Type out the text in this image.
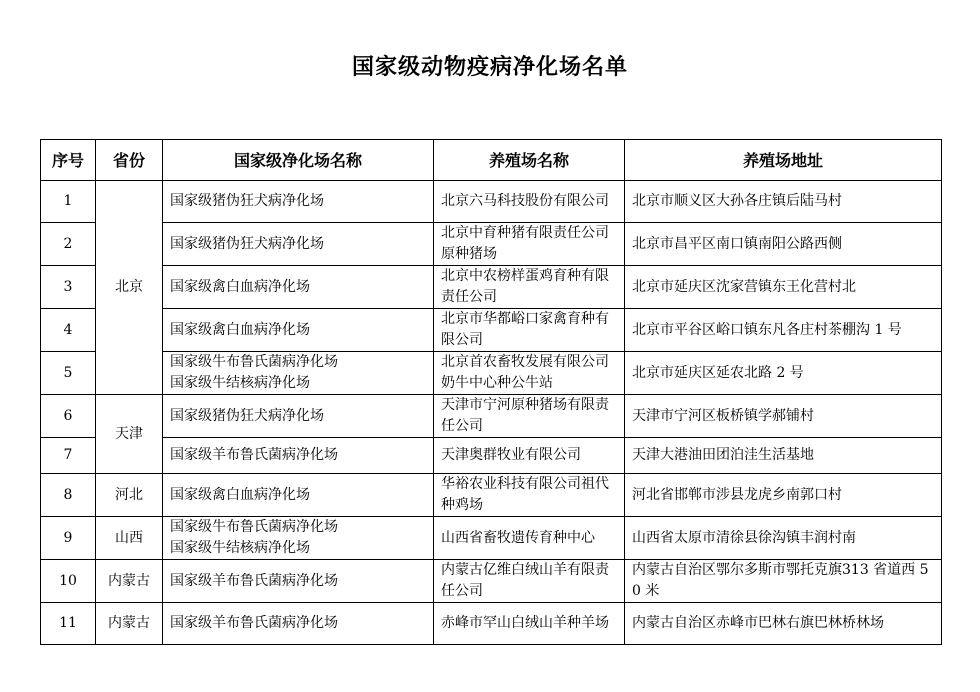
国家级动物疫病净化场名单
序号	省份	国家级净化场名称	养殖场名称	养殖场地址
1	北京	国家级猪伪狂犬病净化场	北京六马科技股份有限公司	北京市顺义区大孙各庄镇后陆马村

2		国家级猪伪狂犬病净化场	北京中育种猪有限责任公司原种猪场	北京市昌平区南口镇南阳公路西侧

3		国家级禽白血病净化场	北京中农榜样蛋鸡育种有限责任公司	北京市延庆区沈家营镇东王化营村北

4		国家级禽白血病净化场	北京市华都峪口家禽育种有限公司	北京市平谷区峪口镇东凡各庄村茶棚沟 1 号

5		国家级牛布鲁氏菌病净化场
国家级牛结核病净化场	北京首农畜牧发展有限公司奶牛中心种公牛站	北京市延庆区延农北路 2 号

6	天津	国家级猪伪狂犬病净化场	天津市宁河原种猪场有限责任公司	天津市宁河区板桥镇学郝铺村

7		国家级羊布鲁氏菌病净化场	天津奥群牧业有限公司	天津大港油田团泊洼生活基地

8	河北	国家级禽白血病净化场	华裕农业科技有限公司祖代种鸡场	河北省邯郸市涉县龙虎乡南郭口村

9	山西	国家级牛布鲁氏菌病净化场
国家级牛结核病净化场	山西省畜牧遗传育种中心	山西省太原市清徐县徐沟镇丰润村南

10	内蒙古	国家级羊布鲁氏菌病净化场	内蒙古亿维白绒山羊有限责任公司	内蒙古自治区鄂尔多斯市鄂托克旗313 省道西 50 米

11	内蒙古	国家级羊布鲁氏菌病净化场	赤峰市罕山白绒山羊种羊场	内蒙古自治区赤峰市巴林右旗巴林桥林场
